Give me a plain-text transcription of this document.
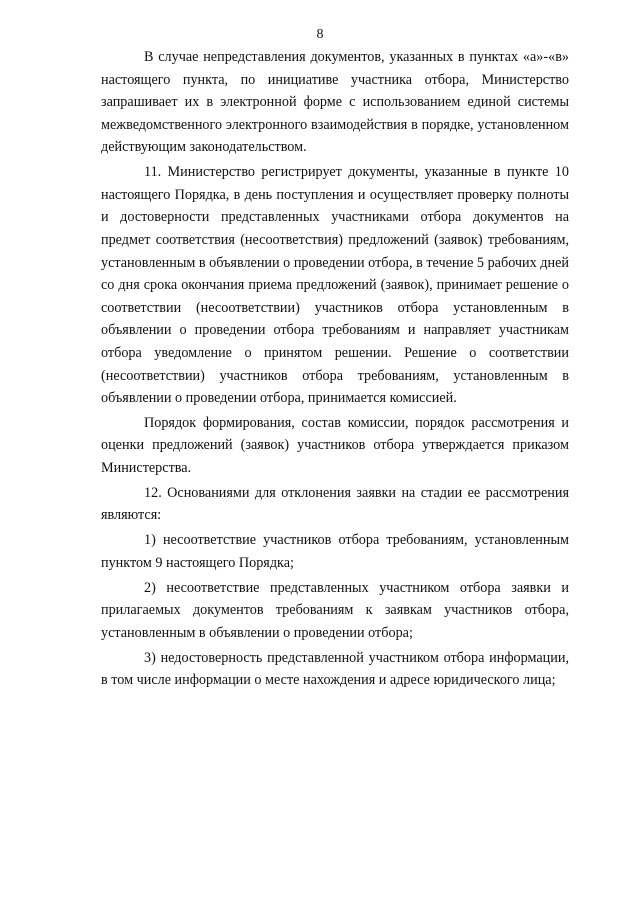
8

В случае непредставления документов, указанных в пунктах «а»-«в» настоящего пункта, по инициативе участника отбора, Министерство запрашивает их в электронной форме с использованием единой системы межведомственного электронного взаимодействия в порядке, установленном действующим законодательством.

11. Министерство регистрирует документы, указанные в пункте 10 настоящего Порядка, в день поступления и осуществляет проверку полноты и достоверности представленных участниками отбора документов на предмет соответствия (несоответствия) предложений (заявок) требованиям, установленным в объявлении о проведении отбора, в течение 5 рабочих дней со дня срока окончания приема предложений (заявок), принимает решение о соответствии (несоответствии) участников отбора установленным в объявлении о проведении отбора требованиям и направляет участникам отбора уведомление о принятом решении. Решение о соответствии (несоответствии) участников отбора требованиям, установленным в объявлении о проведении отбора, принимается комиссией.

Порядок формирования, состав комиссии, порядок рассмотрения и оценки предложений (заявок) участников отбора утверждается приказом Министерства.

12. Основаниями для отклонения заявки на стадии ее рассмотрения являются:

1) несоответствие участников отбора требованиям, установленным пунктом 9 настоящего Порядка;

2) несоответствие представленных участником отбора заявки и прилагаемых документов требованиям к заявкам участников отбора, установленным в объявлении о проведении отбора;

3) недостоверность представленной участником отбора информации, в том числе информации о месте нахождения и адресе юридического лица;
